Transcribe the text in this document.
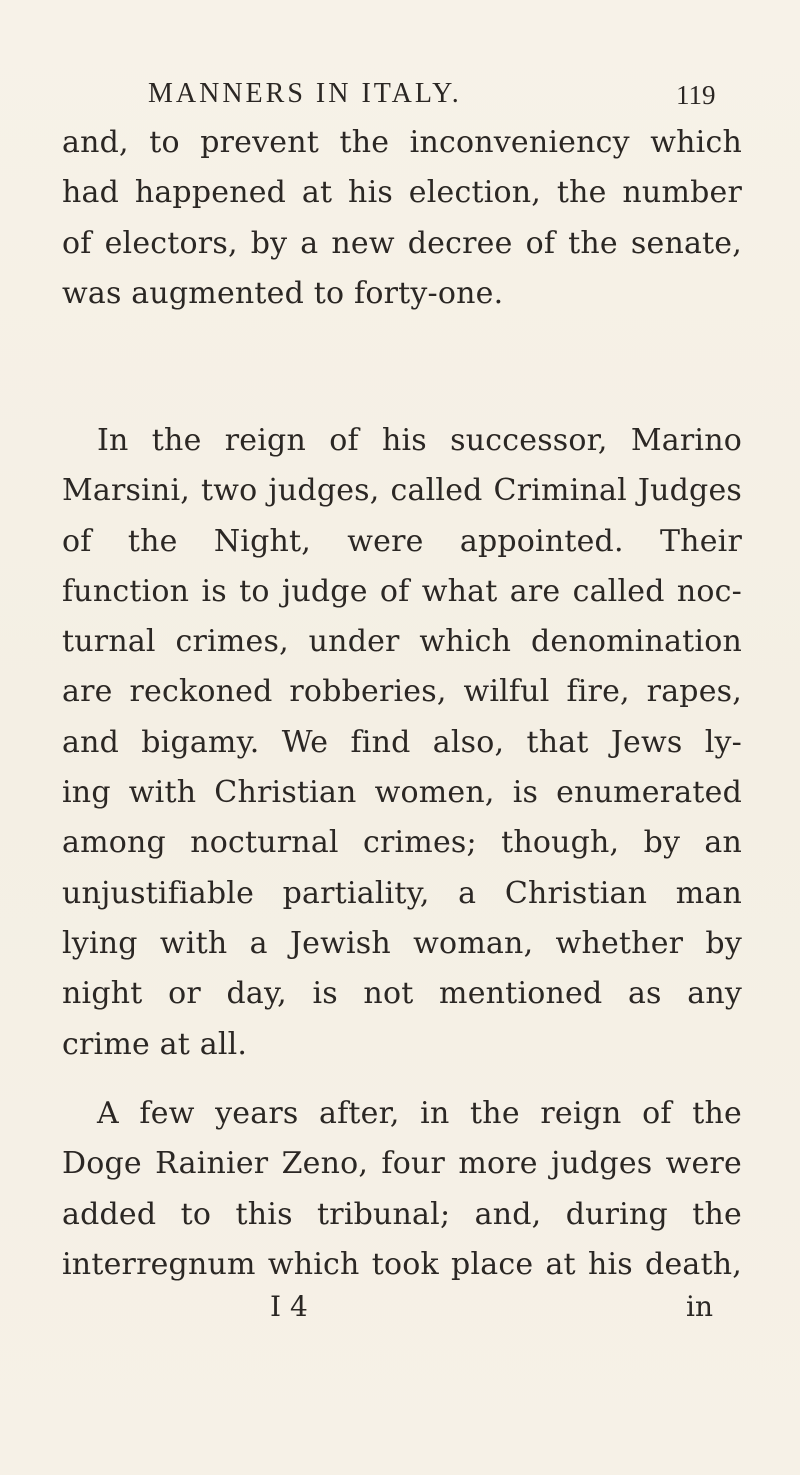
MANNERS IN ITALY.	119

and, to prevent the inconveniency which
had happened at his election, the number
of electors, by a new decree of the senate,
was augmented to forty-one.

In the reign of his successor, Marino
Marsini, two judges, called Criminal Judges
of the Night, were appointed. Their
function is to judge of what are called noc-
turnal crimes, under which denomination
are reckoned robberies, wilful fire, rapes,
and bigamy. We find also, that Jews ly-
ing with Christian women, is enumerated
among nocturnal crimes; though, by an
unjustifiable partiality, a Christian man
lying with a Jewish woman, whether by
night or day, is not mentioned as any
crime at all.

A few years after, in the reign of the
Doge Rainier Zeno, four more judges were
added to this tribunal; and, during the
interregnum which took place at his death,

I 4	in
